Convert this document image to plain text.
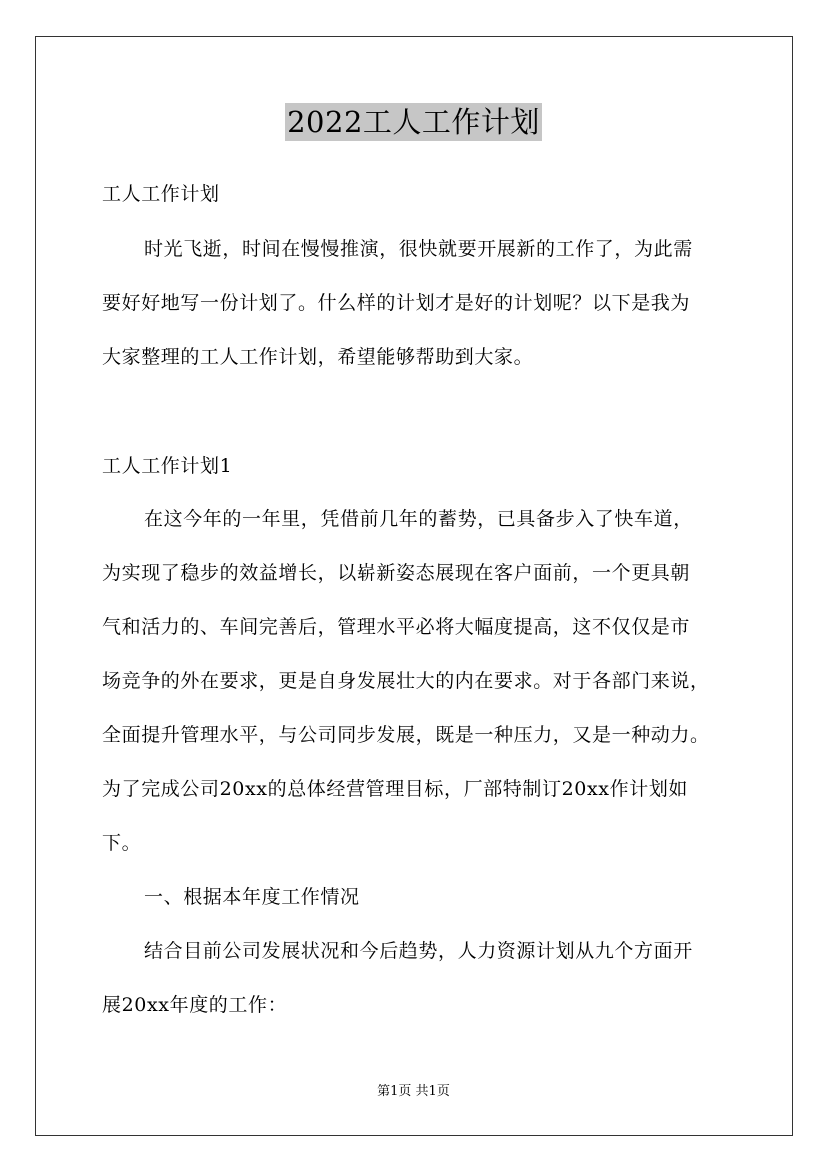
2022工人工作计划
工人工作计划
时光飞逝，时间在慢慢推演，很快就要开展新的工作了，为此需
要好好地写一份计划了。什么样的计划才是好的计划呢？以下是我为
大家整理的工人工作计划，希望能够帮助到大家。
工人工作计划1
在这今年的一年里，凭借前几年的蓄势，已具备步入了快车道，
为实现了稳步的效益增长，以崭新姿态展现在客户面前，一个更具朝
气和活力的、车间完善后，管理水平必将大幅度提高，这不仅仅是市
场竞争的外在要求，更是自身发展壮大的内在要求。对于各部门来说，
全面提升管理水平，与公司同步发展，既是一种压力，又是一种动力。
为了完成公司20xx的总体经营管理目标，厂部特制订20xx作计划如
下。
一、根据本年度工作情况
结合目前公司发展状况和今后趋势，人力资源计划从九个方面开
展20xx年度的工作：
第1页 共1页
